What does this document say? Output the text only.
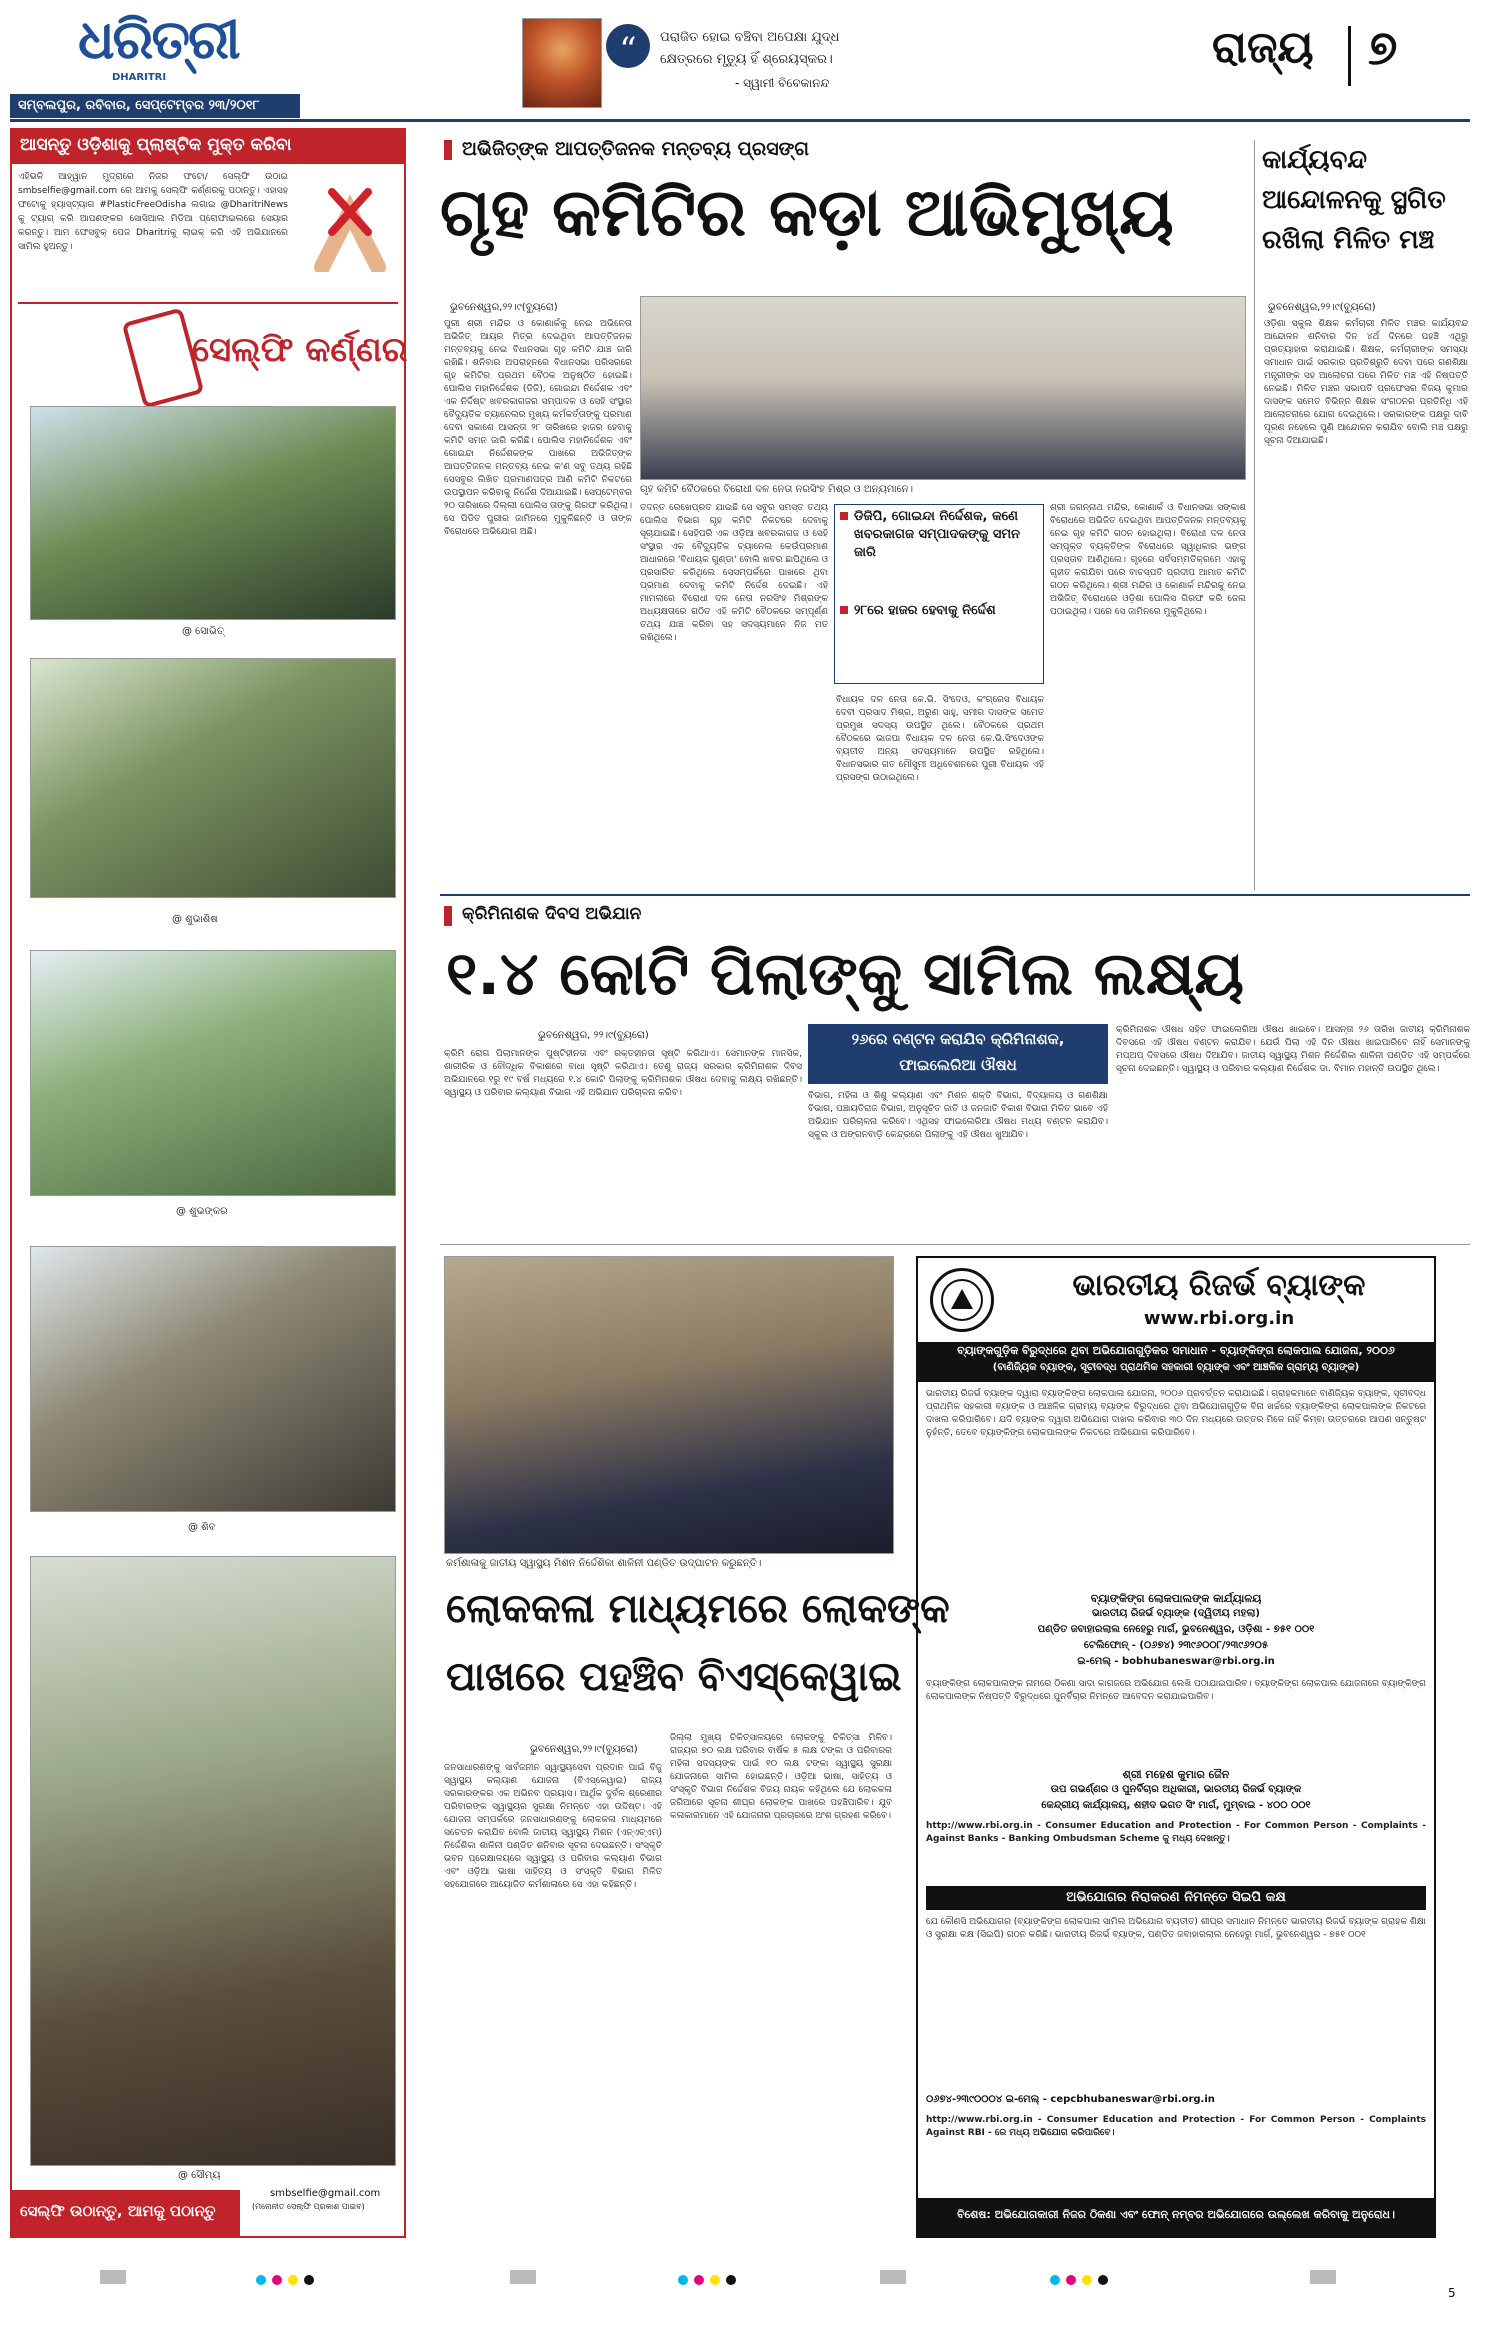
ଧରିତ୍ରୀ
DHARITRI
ସମ୍ବଲପୁର, ରବିବାର, ସେପ୍ଟେମ୍ବର ୨୩/୨୦୧୮
“	ପରାଜିତ ହୋଇ ବଞ୍ଚିବା ଅପେକ୍ଷା ଯୁଦ୍ଧ
କ୍ଷେତ୍ରରେ ମୃତ୍ୟୁ ହିଁ ଶ୍ରେୟସ୍କର।
- ସ୍ୱାମୀ ବିବେକାନନ୍ଦ
ରାଜ୍ୟ ୭
ଆସନ୍ତୁ ଓଡ଼ିଶାକୁ ପ୍ଲାଷ୍ଟିକ ମୁକ୍ତ କରିବା
ଏହିଭଳି ଆହ୍ୱାନ ମୁଦ୍ରାରେ ନିଜର ଫଟୋ/ ସେଲ୍ଫି ଉଠାଇ smbselfie@gmail.com ରେ ଆମକୁ ସେଲ୍ଫି କର୍ଣ୍ଣରକୁ ପଠାନ୍ତୁ। ଏହାସହ ଫଟୋକୁ ହ୍ୟାସ୍‌ଟ୍ୟାଗ #PlasticFreeOdisha ଲଗାଇ @DharitriNews କୁ ଟ୍ୟାଗ୍ କରି ଆପଣଙ୍କର ସୋସିଆଲ ମିଡିଆ ପ୍ରୋଫାଇଲରେ ସେୟାର କରନ୍ତୁ। ଆମ ଫେସବୁକ୍ ପେଜ Dharitriକୁ ଲାଇକ୍ କରି ଏହି ଅଭିଯାନରେ ସାମିଲ ହୁଅନ୍ତୁ।
ସେଲ୍ଫି କର୍ଣ୍ଣର
@ ସୋଭିତ୍
@ ଶୁଭାଶିଷ
@ ଶୁଭଙ୍କର
@ ଶିବ
@ ସୌମ୍ୟ
smbselfie@gmail.com
(ମନୋନୀତ ସେଲ୍ଫି ପ୍ରକାଶ ପାଇବ)
ସେଲ୍ଫି ଉଠାନ୍ତୁ, ଆମକୁ ପଠାନ୍ତୁ
ଅଭିଜିତ୍‌ଙ୍କ ଆପତ୍ତିଜନକ ମନ୍ତବ୍ୟ ପ୍ରସଙ୍ଗ
ଗୃହ କମିଟିର କଡ଼ା ଆଭିମୁଖ୍ୟ
ଭୁବନେଶ୍ୱର,୨୨।୯(ବ୍ୟୁରୋ)
ଗୃହ କମିଟି ବୈଠକରେ ବିରୋଧୀ ଦଳ ନେତା ନରସିଂହ ମିଶ୍ର ଓ ଅନ୍ୟମାନେ।
ପୁରୀ ଶ୍ରୀ ମନ୍ଦିର ଓ କୋଣାର୍କକୁ ନେଇ ଅଭିନେତା ଅଭିଜିତ୍ ଆୟର ମିତ୍ର ଦେଇଥିବା ଆପତ୍ତିଜନକ ମନ୍ତବ୍ୟକୁ ନେଇ ବିଧାନସଭା ଗୃହ କମିଟି ଯାଞ୍ଚ ଜାରି ରଖିଛି। ଶନିବାର ଅପରାହ୍ନରେ ବିଧାନସଭା ପରିସରରେ ଗୃହ କମିଟିର ପ୍ରଥମ ବୈଠକ ଅନୁଷ୍ଠିତ ହୋଇଛି। ପୋଲିସ ମହାନିର୍ଦ୍ଦେଶକ (ଡିଜି), ଗୋଇନ୍ଦା ନିର୍ଦ୍ଦେଶକ ଏବଂ ଏକ ନିର୍ଦ୍ଦିଷ୍ଟ ଖବରକାଗଜର ସମ୍ପାଦକ ଓ ସେହି ସଂସ୍ଥାର ବୈଦ୍ୟୁତିକ ଚ୍ୟାନେଲର ମୁଖ୍ୟ କର୍ମକର୍ତ୍ତାଙ୍କୁ ପ୍ରମାଣ ଦେବା ସକାଶେ ଆସନ୍ତା ୨୮ ତାରିଖରେ ହାଜର ହେବାକୁ କମିଟି ସମନ ଜାରି କରିଛି। ପୋଲିସ ମହାନିର୍ଦ୍ଦେଶକ ଏବଂ ଗୋଇନ୍ଦା ନିର୍ଦ୍ଦେଶକଙ୍କ ପାଖରେ ଅଭିଜିତ୍‌ଙ୍କ ଆପତ୍ତିଜନକ ମନ୍ତବ୍ୟ ନେଇ କ'ଣ ସବୁ ତଥ୍ୟ ରହିଛି ସେସବୁର ଲିଖିତ ପ୍ରମାଣପତ୍ର ଆଣି କମିଟି ନିକଟରେ ଉପସ୍ଥାପନ କରିବାକୁ ନିର୍ଦ୍ଦେଶ ଦିଆଯାଇଛି। ସେପ୍ଟେମ୍ବର ୨୦ ତାରିଖରେ ଦିଲ୍ଲୀ ପୋଲିସ ତାଙ୍କୁ ଗିରଫ କରିଥିଲା। ସେ ପିଡିତ ପୁରୀର ଜାମିନରେ ମୁକୁଳିଛନ୍ତି ଓ ତାଙ୍କ ବିରୋଧରେ ଅଭିଯୋଗ ଅଛି।
ତଦନ୍ତ ରେଖେପ୍ରତ ଯାଇଛି ସେ ସବୁର ସମସ୍ତ ତଥ୍ୟ ପୋଲିସ ବିଭାଗ ଗୃହ କମିଟି ନିକଟରେ ଦେବାକୁ ସୂଚାଯାଇଛି। ସେହିପରି ଏକ ଓଡ଼ିଆ ଖବରକାଗଜ ଓ ସେହି ସଂସ୍ଥାର ଏକ ବୈଦ୍ୟୁତିକ ଚ୍ୟାନେଲ କେଉଁପ୍ରମାଣ ଆଧାରରେ 'ବିଧାୟକ ଗୁଣ୍ଡା' ବୋଲି ଖବର ଛାପିଥିଲେ ଓ ପ୍ରସାରିତ କରିଥିଲେ ସେସମ୍ପର୍କରେ ପାଖରେ ଥିବା ପ୍ରମାଣ ଦେବାକୁ କମିଟି ନିର୍ଦ୍ଦେଶ ଦେଇଛି। ଏହି ମାମଲାରେ ବିରୋଧୀ ଦଳ ନେତା ନରସିଂହ ମିଶ୍ରଙ୍କ ଅଧ୍ୟକ୍ଷତାରେ ଗଠିତ ଏହି କମିଟି ବୈଠକରେ ସମ୍ପୂର୍ଣ୍ଣ ତଥ୍ୟ ଯାଞ୍ଚ କରିବା ସହ ସଦସ୍ୟମାନେ ନିଜ ମତ ରଖିଥିଲେ।
ଡିଜିପି, ଗୋଇନ୍ଦା ନିର୍ଦ୍ଦେଶକ, କଣେ ଖବରକାଗଜ ସମ୍ପାଦକଙ୍କୁ ସମନ ଜାରି
୨୮ରେ ହାଜର ହେବାକୁ ନିର୍ଦ୍ଦେଶ
ବିଧାୟକ ଦଳ ନେତା କେ.ଭି. ସିଂଦେଓ, କଂଗ୍ରେସ ବିଧାୟକ ଦେବୀ ପ୍ରସାଦ ମିଶ୍ର, ଅରୁଣ ସାହୁ, ସମୀର ଦାସଙ୍କ ସମେତ ପ୍ରମୁଖ ସଦସ୍ୟ ଉପସ୍ଥିତ ଥିଲେ। ବୈଠକରେ ପ୍ରଥମ ବୈଠକରେ ଭାଜପା ବିଧାୟକ ଦଳ ନେତା କେ.ଭି.ସିଂଦେଓଙ୍କ ବ୍ୟତୀତ ଅନ୍ୟ ସଦସ୍ୟମାନେ ଉପସ୍ଥିତ ରହିଥିଲେ। ବିଧାନସଭାର ଗତ ମୌସୁମୀ ଅଧିବେଶନରେ ପୁରୀ ବିଧାୟକ ଏହି ପ୍ରସଙ୍ଗ ଉଠାଇଥିଲେ।
ଶ୍ରୀ ଜଗନ୍ନାଥ ମନ୍ଦିର, କୋଣାର୍କ ଓ ବିଧାନସଭା ସଙ୍କାଶ ବିରୋଧରେ ଅଭିଜିତ ଦେଇଥିବା ଆପତ୍ତିଜନକ ମନ୍ତବ୍ୟକୁ ନେଇ ଗୃହ କମିଟି ଗଠନ ହୋଇଥିଲା। ବିରୋଧୀ ଦଳ ନେତା ସମ୍ପୃକ୍ତ ବ୍ୟକ୍ତିଙ୍କ ବିରୋଧରେ ସ୍ୱାଧିକାର ଭଙ୍ଗ ପ୍ରସ୍ତାବ ଆଣିଥିଲେ। ଗୃହରେ ସର୍ବସମ୍ମତିକ୍ରମେ ଏହାକୁ ଗୃହୀତ କରାଯିବା ପରେ ବାଚସ୍ପତି ପ୍ରଦୀପ ଆମାତ କମିଟି ଗଠନ କରିଥିଲେ। ଶ୍ରୀ ମନ୍ଦିର ଓ କୋଣାର୍କ ମନ୍ଦିରକୁ ନେଇ ଅଭିଜିତ୍ ବିରୋଧରେ ଓଡ଼ିଶା ପୋଲିସ ଗିରଫ କରି ଜେଲ ପଠାଇଥିଲା। ପରେ ସେ ଜାମିନରେ ମୁକୁଳିଥିଲେ।
କାର୍ଯ୍ୟବନ୍ଦ ଆନ୍ଦୋଳନକୁ ସ୍ଥଗିତ ରଖିଲା ମିଳିତ ମଞ୍ଚ
ଭୁବନେଶ୍ୱର,୨୨।୯(ବ୍ୟୁରୋ)
ଓଡ଼ିଶା ସ୍କୁଲ ଶିକ୍ଷକ କର୍ମଚାରୀ ମିଳିତ ମଞ୍ଚର କାର୍ଯ୍ୟବନ୍ଦ ଆନ୍ଦୋଳନ ଶନିବାର ଦିନ ୪ର୍ଥ ଦିନରେ ପହଞ୍ଚି ଏଥିରୁ ପ୍ରତ୍ୟାହାର କରାଯାଇଛି। ଶିକ୍ଷକ, କର୍ମଚାରୀଙ୍କ ସମସ୍ୟା ସମାଧାନ ପାଇଁ ସରକାର ପ୍ରତିଶ୍ରୁତି ଦେବା ପରେ ଗଣଶିକ୍ଷା ମନ୍ତ୍ରୀଙ୍କ ସହ ଆଲୋଚନା ପରେ ମିଳିତ ମଞ୍ଚ ଏହି ନିଷ୍ପତ୍ତି ନେଇଛି। ମିଳିତ ମଞ୍ଚର ସଭାପତି ପ୍ରଫେସର ବିଜୟ କୁମାର ଦାସଙ୍କ ସମେତ ବିଭିନ୍ନ ଶିକ୍ଷକ ସଂଗଠନର ପ୍ରତିନିଧି ଏହି ଆଲୋଚନାରେ ଯୋଗ ଦେଇଥିଲେ। ସରକାରଙ୍କ ପକ୍ଷରୁ ଦାବି ପୂରଣ ନହେଲେ ପୁଣି ଆନ୍ଦୋଳନ କରାଯିବ ବୋଲି ମଞ୍ଚ ପକ୍ଷରୁ ସୂଚନା ଦିଆଯାଇଛି।
କ୍ରିମିନାଶକ ଦିବସ ଅଭିଯାନ
୧.୪ କୋଟି ପିଲାଙ୍କୁ ସାମିଲ ଲକ୍ଷ୍ୟ
ଭୁବନେଶ୍ୱର, ୨୨।୯(ବ୍ୟୁରୋ)	୨୬ରେ ବଣ୍ଟନ କରାଯିବ କ୍ରିମିନାଶକ,
ଫାଇଲେରିଆ ଔଷଧ
କ୍ରିମି ରୋଗ ପିଲାମାନଙ୍କ ପୁଷ୍ଟିହୀନତା ଏବଂ ରକ୍ତହୀନତା ସୃଷ୍ଟି କରିଥାଏ। ସେମାନଙ୍କ ମାନସିକ, ଶାରୀରିକ ଓ ବୌଦ୍ଧିକ ବିକାଶରେ ବାଧା ସୃଷ୍ଟି କରିଥାଏ। ତେଣୁ ରାଜ୍ୟ ସରକାର କ୍ରିମିନାଶକ ଦିବସ ଅଭିଯାନରେ ୧ରୁ ୧୯ ବର୍ଷ ମଧ୍ୟରେ ୧.୪ କୋଟି ପିଲାଙ୍କୁ କ୍ରିମିନାଶକ ଔଷଧ ଦେବାକୁ ଲକ୍ଷ୍ୟ ରଖିଛନ୍ତି। ସ୍ୱାସ୍ଥ୍ୟ ଓ ପରିବାର କଲ୍ୟାଣ ବିଭାଗ ଏହି ଅଭିଯାନ ପରିଚାଳନା କରିବ।	ବିଭାଗ, ମହିଳା ଓ ଶିଶୁ କଲ୍ୟାଣ ଏବଂ ମିଶନ ଶକ୍ତି ବିଭାଗ, ବିଦ୍ୟାଳୟ ଓ ଗଣଶିକ୍ଷା ବିଭାଗ, ପଞ୍ଚାୟତିରାଜ ବିଭାଗ, ଅନୁସୂଚିତ ଜାତି ଓ ଜନଜାତି ବିକାଶ ବିଭାଗ ମିଳିତ ଭାବେ ଏହି ଅଭିଯାନ ପରିଚାଳନା କରିବେ। ଏଥିସହ ଫାଇଲେରିଆ ଔଷଧ ମଧ୍ୟ ବଣ୍ଟନ କରାଯିବ। ସ୍କୁଲ ଓ ଅଙ୍ଗନବାଡ଼ି କେନ୍ଦ୍ରରେ ପିଲାଙ୍କୁ ଏହି ଔଷଧ ଖୁଆଯିବ।
କ୍ରିମିନାଶକ ଔଷଧ ସହିତ ଫାଇଲେରିଆ ଔଷଧ ଖାଇବେ। ଆସନ୍ତା ୨୬ ତାରିଖ ଜାତୀୟ କ୍ରିମିନାଶକ ଦିବସରେ ଏହି ଔଷଧ ବଣ୍ଟନ କରାଯିବ। ଯେଉଁ ପିଲା ଏହି ଦିନ ଔଷଧ ଖାଇପାରିବେ ନାହିଁ ସେମାନଙ୍କୁ ମପ୍‌ଅପ୍ ଦିବସରେ ଔଷଧ ଦିଆଯିବ। ଜାତୀୟ ସ୍ୱାସ୍ଥ୍ୟ ମିଶନ ନିର୍ଦ୍ଦେଶିକା ଶାଳିନୀ ପଣ୍ଡିତ ଏହି ସମ୍ପର୍କରେ ସୂଚନା ଦେଇଛନ୍ତି। ସ୍ୱାସ୍ଥ୍ୟ ଓ ପରିବାର କଲ୍ୟାଣ ନିର୍ଦ୍ଦେଶକ ଡା. ବିମାନ ମହାନ୍ତି ଉପସ୍ଥିତ ଥିଲେ।
କର୍ମଶାଳାକୁ ଜାତୀୟ ସ୍ୱାସ୍ଥ୍ୟ ମିଶନ ନିର୍ଦ୍ଦେଶିକା ଶାଳିନୀ ପଣ୍ଡିତ ଉଦ୍‌ଘାଟନ କରୁଛନ୍ତି।
ଲୋକକଳା ମାଧ୍ୟମରେ ଲୋକଙ୍କ
ପାଖରେ ପହଞ୍ଚିବ ବିଏସ୍‌କେୱାଇ
ଭୁବନେଶ୍ୱର,୨୨।୯(ବ୍ୟୁରୋ)
ଜନସାଧାରଣଙ୍କୁ ସାର୍ବଜନୀନ ସ୍ୱାସ୍ଥ୍ୟସେବା ପ୍ରଦାନ ପାଇଁ ବିଜୁ ସ୍ୱାସ୍ଥ୍ୟ କଲ୍ୟାଣ ଯୋଜନା (ବିଏସ୍‌କେୱାଇ) ରାଜ୍ୟ ସରକାରଙ୍କର ଏକ ଅଭିନବ ପ୍ରୟାସ। ଆର୍ଥିକ ଦୁର୍ବଳ ଶ୍ରେଣୀର ପରିବାରଙ୍କ ସ୍ୱାସ୍ଥ୍ୟର ସୁରକ୍ଷା ନିମନ୍ତେ ଏହା ଉଦ୍ଦିଷ୍ଟ। ଏହି ଯୋଜନା ସମ୍ପର୍କରେ ଜନସାଧାରଣଙ୍କୁ ଲୋକକଳା ମାଧ୍ୟମରେ ସଚେତନ କରାଯିବ ବୋଲି ଜାତୀୟ ସ୍ୱାସ୍ଥ୍ୟ ମିଶନ (ଏନ୍‌ଏଚ୍‌ଏମ୍) ନିର୍ଦ୍ଦେଶିକା ଶାଳିନୀ ପଣ୍ଡିତ ଶନିବାର ସୂଚନା ଦେଇଛନ୍ତି। ସଂସ୍କୃତି ଭବନ ପ୍ରେକ୍ଷାଳୟରେ ସ୍ୱାସ୍ଥ୍ୟ ଓ ପରିବାର କଲ୍ୟାଣ ବିଭାଗ ଏବଂ ଓଡ଼ିଆ ଭାଷା ସାହିତ୍ୟ ଓ ସଂସ୍କୃତି ବିଭାଗ ମିଳିତ ସହଯୋଗରେ ଆୟୋଜିତ କର୍ମଶାଳାରେ ସେ ଏହା କହିଛନ୍ତି।
ଜିଲ୍ଲା ମୁଖ୍ୟ ଚିକିତ୍ସାଳୟରେ ଲୋକଙ୍କୁ ଚିକିତ୍ସା ମିଳିବ। ରାଜ୍ୟର ୭୦ ଲକ୍ଷ ପରିବାର ବାର୍ଷିକ ୫ ଲକ୍ଷ ଟଙ୍କା ଓ ପରିବାରର ମହିଳା ସଦସ୍ୟଙ୍କ ପାଇଁ ୧୦ ଲକ୍ଷ ଟଙ୍କା ସ୍ୱାସ୍ଥ୍ୟ ସୁରକ୍ଷା ଯୋଜନାରେ ସାମିଲ ହୋଇଛନ୍ତି। ଓଡ଼ିଆ ଭାଷା, ସାହିତ୍ୟ ଓ ସଂସ୍କୃତି ବିଭାଗ ନିର୍ଦ୍ଦେଶକ ବିଜୟ ନାୟକ କହିଥିଲେ ଯେ ଲୋକକଳା ଜରିଆରେ ସୂଚନା ଶୀଘ୍ର ଲୋକଙ୍କ ପାଖରେ ପହଞ୍ଚିପାରିବ। ଯୁବ କଳାକାରମାନେ ଏହି ଯୋଜନାର ପ୍ରଚାରରେ ଅଂଶ ଗ୍ରହଣ କରିବେ।
ଭାରତୀୟ ରିଜର୍ଭ ବ୍ୟାଙ୍କ
www.rbi.org.in
ବ୍ୟାଙ୍କଗୁଡ଼ିକ ବିରୁଦ୍ଧରେ ଥିବା ଅଭିଯୋଗଗୁଡ଼ିକର ସମାଧାନ - ବ୍ୟାଙ୍କିଙ୍ଗ ଲୋକପାଲ ଯୋଜନା, ୨୦୦୬
(ବାଣିଜ୍ୟିକ ବ୍ୟାଙ୍କ, ସୂଚୀବଦ୍ଧ ପ୍ରାଥମିକ ସହକାରୀ ବ୍ୟାଙ୍କ ଏବଂ ଆଞ୍ଚଳିକ ଗ୍ରାମ୍ୟ ବ୍ୟାଙ୍କ)
ଭାରତୀୟ ରିଜର୍ଭ ବ୍ୟାଙ୍କ ଦ୍ୱାରା ବ୍ୟାଙ୍କିଙ୍ଗ ଲୋକପାଲ ଯୋଜନା, ୨୦୦୬ ପ୍ରବର୍ତ୍ତନ କରାଯାଇଛି। ଗ୍ରାହକମାନେ ବାଣିଜ୍ୟିକ ବ୍ୟାଙ୍କ, ସୂଚୀବଦ୍ଧ ପ୍ରାଥମିକ ସହକାରୀ ବ୍ୟାଙ୍କ ଓ ଆଞ୍ଚଳିକ ଗ୍ରାମ୍ୟ ବ୍ୟାଙ୍କ ବିରୁଦ୍ଧରେ ଥିବା ଅଭିଯୋଗଗୁଡ଼ିକ ବିନା ଖର୍ଚ୍ଚରେ ବ୍ୟାଙ୍କିଙ୍ଗ ଲୋକପାଲଙ୍କ ନିକଟରେ ଦାଖଲ କରିପାରିବେ। ଯଦି ବ୍ୟାଙ୍କ ଦ୍ୱାରା ଅଭିଯୋଗ ଦାଖଲ କରିବାର ୩୦ ଦିନ ମଧ୍ୟରେ ଉତ୍ତର ମିଳେ ନାହିଁ କିମ୍ବା ଉତ୍ତରରେ ଆପଣ ସନ୍ତୁଷ୍ଟ ନୁହଁନ୍ତି, ତେବେ ବ୍ୟାଙ୍କିଙ୍ଗ ଲୋକପାଲଙ୍କ ନିକଟରେ ଅଭିଯୋଗ କରିପାରିବେ।
ବ୍ୟାଙ୍କିଙ୍ଗ ଲୋକପାଲଙ୍କ କାର୍ଯ୍ୟାଳୟ
ଭାରତୀୟ ରିଜର୍ଭ ବ୍ୟାଙ୍କ (ଦ୍ୱିତୀୟ ମହଲା)
ପଣ୍ଡିତ ଜବାହାରଲାଲ ନେହେରୁ ମାର୍ଗ, ଭୁବନେଶ୍ୱର, ଓଡ଼ିଶା - ୭୫୧ ୦୦୧
ଟେଲିଫୋନ୍ - (୦୬୭୪) ୨୩୯୬୦୦୮/୨୩୯୬୨୦୫
ଇ-ମେଲ୍ - bobhubaneswar@rbi.org.in
ବ୍ୟାଙ୍କିଙ୍ଗ ଲୋକପାଲଙ୍କ ନାମରେ ଠିକଣା ସାଦା କାଗଜରେ ଅଭିଯୋଗ ଲେଖି ପଠାଯାଇପାରିବ। ବ୍ୟାଙ୍କିଙ୍ଗ ଲୋକପାଲ ଯୋଜନାରେ ବ୍ୟାଙ୍କିଙ୍ଗ ଲୋକପାଲଙ୍କ ନିଷ୍ପତ୍ତି ବିରୁଦ୍ଧରେ ପୁନର୍ବିଚାର ନିମନ୍ତେ ଆବେଦନ କରାଯାଇପାରିବ।
ଶ୍ରୀ ମହେଶ କୁମାର ଜୈନ
ଉପ ଗଭର୍ଣ୍ଣର ଓ ପୁନର୍ବିଚାର ଅଧିକାରୀ, ଭାରତୀୟ ରିଜର୍ଭ ବ୍ୟାଙ୍କ
କେନ୍ଦ୍ରୀୟ କାର୍ଯ୍ୟାଳୟ, ଶହୀଦ ଭଗତ ସିଂ ମାର୍ଗ, ମୁମ୍ବାଇ - ୪୦୦ ୦୦୧
http://www.rbi.org.in - Consumer Education and Protection - For Common Person - Complaints - Against Banks - Banking Ombudsman Scheme କୁ ମଧ୍ୟ ଦେଖନ୍ତୁ।
ଅଭିଯୋଗର ନିରାକରଣ ନିମନ୍ତେ ସିଇପି କକ୍ଷ
ଯେ କୌଣସି ଅଭିଯୋଗର (ବ୍ୟାଙ୍କିଙ୍ଗ ଲୋକପାଲ ସାମିଲ ଅଭିଯୋଗ ବ୍ୟତୀତ) ଶୀଘ୍ର ସମାଧାନ ନିମନ୍ତେ ଭାରତୀୟ ରିଜର୍ଭ ବ୍ୟାଙ୍କ ଗ୍ରାହକ ଶିକ୍ଷା ଓ ସୁରକ୍ଷା କକ୍ଷ (ସିଇପି) ଗଠନ କରିଛି। ଭାରତୀୟ ରିଜର୍ଭ ବ୍ୟାଙ୍କ, ପଣ୍ଡିତ ଜବାହାରଲାଲ ନେହେରୁ ମାର୍ଗ, ଭୁବନେଶ୍ୱର - ୭୫୧ ୦୦୧
୦୬୭୪-୨୩୯୦୦୦୪ ଇ-ମେଲ୍ - cepcbhubaneswar@rbi.org.in
http://www.rbi.org.in - Consumer Education and Protection - For Common Person - Complaints Against RBI - ରେ ମଧ୍ୟ ଅଭିଯୋଗ କରିପାରିବେ।
ବିଶେଷ: ଅଭିଯୋଗକାରୀ ନିଜର ଠିକଣା ଏବଂ ଫୋନ୍ ନମ୍ବର ଅଭିଯୋଗରେ ଉଲ୍ଲେଖ କରିବାକୁ ଅନୁରୋଧ।
5
